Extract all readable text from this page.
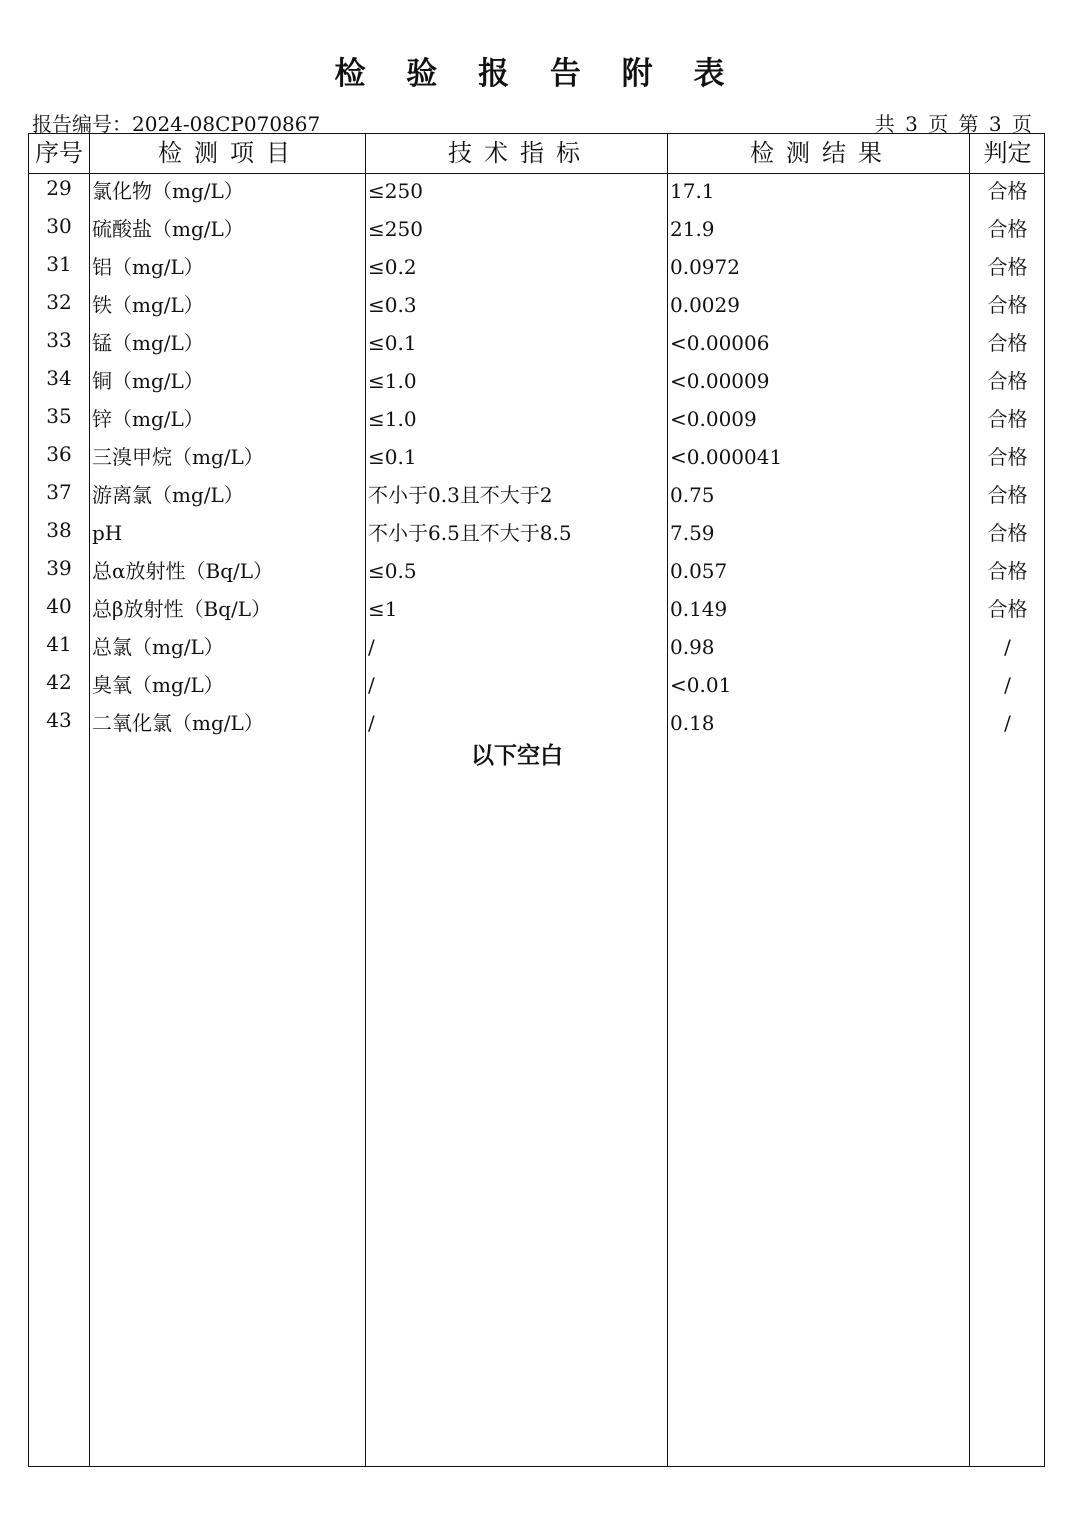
检 验 报 告 附 表
报告编号：2024-08CP070867	共 3 页 第 3 页
序号	检测项目	技术指标	检测结果	判定
29	氯化物（mg/L）	≤250	17.1	合格
30	硫酸盐（mg/L）	≤250	21.9	合格
31	铝（mg/L）	≤0.2	0.0972	合格
32	铁（mg/L）	≤0.3	0.0029	合格
33	锰（mg/L）	≤0.1	<0.00006	合格
34	铜（mg/L）	≤1.0	<0.00009	合格
35	锌（mg/L）	≤1.0	<0.0009	合格
36	三溴甲烷（mg/L）	≤0.1	<0.000041	合格
37	游离氯（mg/L）	不小于0.3且不大于2	0.75	合格
38	pH	不小于6.5且不大于8.5	7.59	合格
39	总α放射性（Bq/L）	≤0.5	0.057	合格
40	总β放射性（Bq/L）	≤1	0.149	合格
41	总氯（mg/L）	/	0.98	/
42	臭氧（mg/L）	/	<0.01	/
43	二氧化氯（mg/L）	/	0.18	/
以下空白
